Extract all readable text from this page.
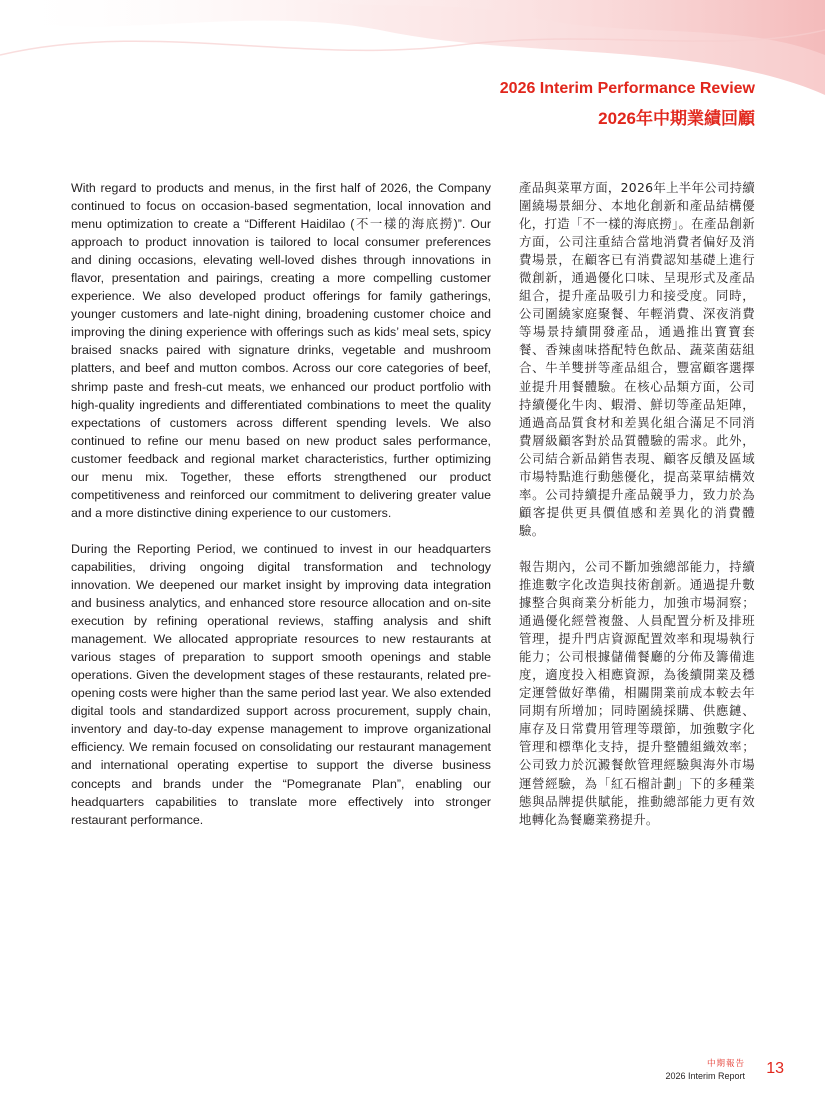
2026 Interim Performance Review
2026年中期業績回顧

With regard to products and menus, in the first half of 2026, the Company continued to focus on occasion-based segmentation, local innovation and menu optimization to create a “Different Haidilao (不一樣的海底撈)”. Our approach to product innovation is tailored to local consumer preferences and dining occasions, elevating well-loved dishes through innovations in flavor, presentation and pairings, creating a more compelling customer experience. We also developed product offerings for family gatherings, younger customers and late-night dining, broadening customer choice and improving the dining experience with offerings such as kids’ meal sets, spicy braised snacks paired with signature drinks, vegetable and mushroom platters, and beef and mutton combos. Across our core categories of beef, shrimp paste and fresh-cut meats, we enhanced our product portfolio with high-quality ingredients and differentiated combinations to meet the quality expectations of customers across different spending levels. We also continued to refine our menu based on new product sales performance, customer feedback and regional market characteristics, further optimizing our menu mix. Together, these efforts strengthened our product competitiveness and reinforced our commitment to delivering greater value and a more distinctive dining experience to our customers.

During the Reporting Period, we continued to invest in our headquarters capabilities, driving ongoing digital transformation and technology innovation. We deepened our market insight by improving data integration and business analytics, and enhanced store resource allocation and on-site execution by refining operational reviews, staffing analysis and shift management. We allocated appropriate resources to new restaurants at various stages of preparation to support smooth openings and stable operations. Given the development stages of these restaurants, related pre-opening costs were higher than the same period last year. We also extended digital tools and standardized support across procurement, supply chain, inventory and day-to-day expense management to improve organizational efficiency. We remain focused on consolidating our restaurant management and international operating expertise to support the diverse business concepts and brands under the “Pomegranate Plan”, enabling our headquarters capabilities to translate more effectively into stronger restaurant performance.

產品與菜單方面，2026年上半年公司持續圍繞場景細分、本地化創新和產品結構優化，打造「不一樣的海底撈」。在產品創新方面，公司注重結合當地消費者偏好及消費場景，在顧客已有消費認知基礎上進行微創新，通過優化口味、呈現形式及產品組合，提升產品吸引力和接受度。同時，公司圍繞家庭聚餐、年輕消費、深夜消費等場景持續開發產品，通過推出寶寶套餐、香辣鹵味搭配特色飲品、蔬菜菌菇組合、牛羊雙拼等產品組合，豐富顧客選擇並提升用餐體驗。在核心品類方面，公司持續優化牛肉、蝦滑、鮮切等產品矩陣，通過高品質食材和差異化組合滿足不同消費層級顧客對於品質體驗的需求。此外，公司結合新品銷售表現、顧客反饋及區域市場特點進行動態優化，提高菜單結構效率。公司持續提升產品競爭力，致力於為顧客提供更具價值感和差異化的消費體驗。

報告期內，公司不斷加強總部能力，持續推進數字化改造與技術創新。通過提升數據整合與商業分析能力，加強市場洞察；通過優化經營複盤、人員配置分析及排班管理，提升門店資源配置效率和現場執行能力；公司根據儲備餐廳的分佈及籌備進度，適度投入相應資源，為後續開業及穩定運營做好準備，相關開業前成本較去年同期有所增加；同時圍繞採購、供應鏈、庫存及日常費用管理等環節，加強數字化管理和標準化支持，提升整體組織效率；公司致力於沉澱餐飲管理經驗與海外市場運營經驗，為「紅石榴計劃」下的多種業態與品牌提供賦能，推動總部能力更有效地轉化為餐廳業務提升。

中期報告
2026 Interim Report 13
